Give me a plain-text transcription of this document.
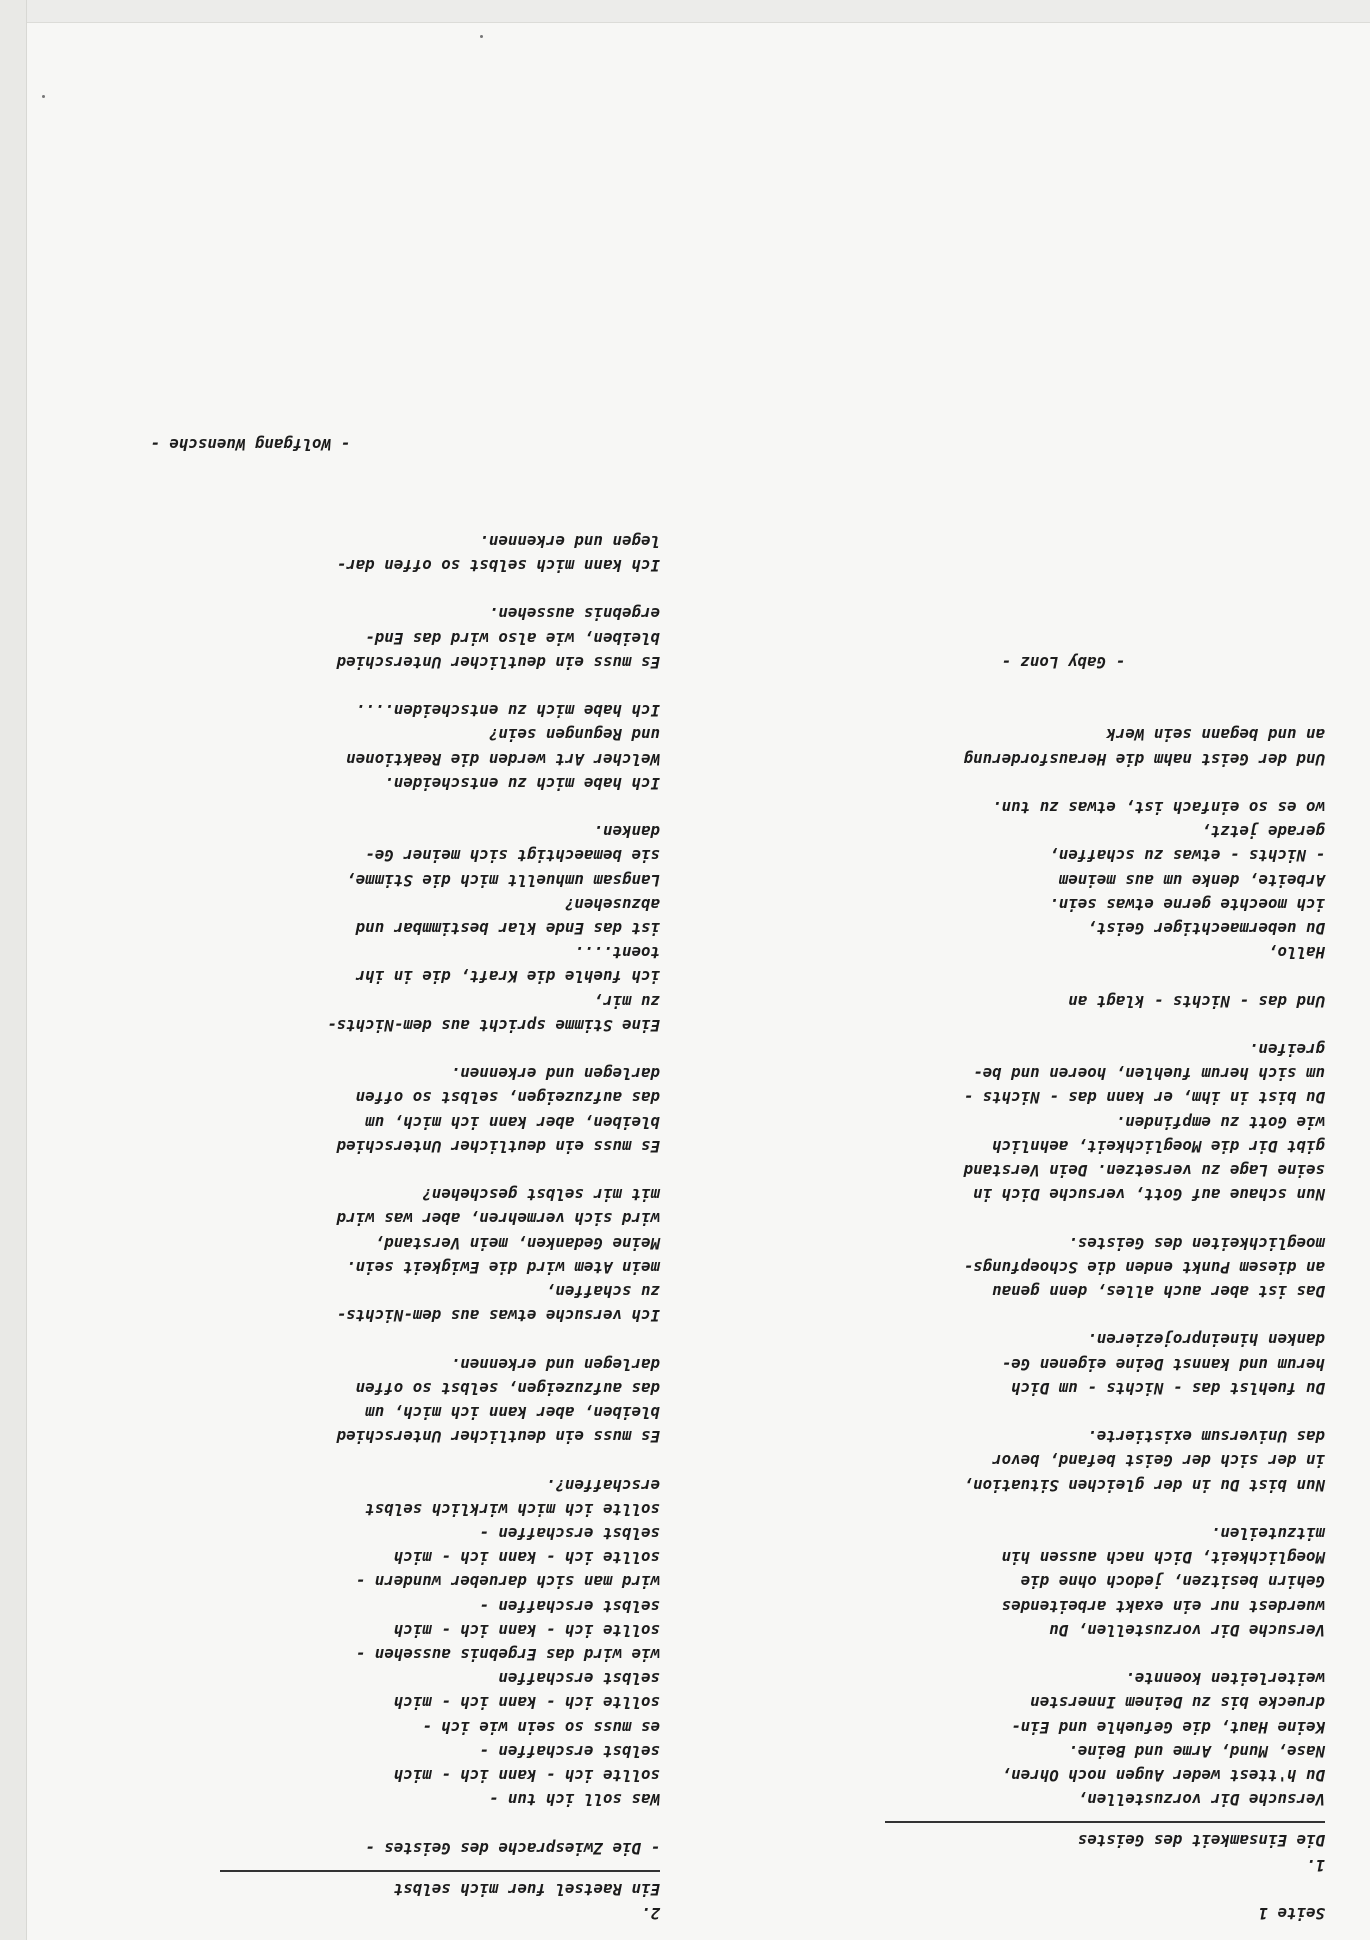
2.
Ein Raetsel fuer mich selbst
- Die Zwiesprache des Geistes -
Was soll ich tun -
sollte ich - kann ich - mich
selbst erschaffen -
es muss so sein wie ich -
sollte ich - kann ich - mich
selbst erschaffen
wie wird das Ergebnis aussehen -
sollte ich - kann ich - mich
selbst erschaffen -
wird man sich darueber wundern -
sollte ich - kann ich - mich
selbst erschaffen -
sollte ich mich wirklich selbst
erschaffen?.
Es muss ein deutlicher Unterschied
bleiben, aber kann ich mich, um
das aufzuzeigen, selbst so offen
darlegen und erkennen.
Ich versuche etwas aus dem-Nichts-
zu schaffen,
mein Atem wird die Ewigkeit sein.
Meine Gedanken, mein Verstand,
wird sich vermehren, aber was wird
mit mir selbst geschehen?
Es muss ein deutlicher Unterschied
bleiben, aber kann ich mich, um
das aufzuzeigen, selbst so offen
darlegen und erkennen.
Eine Stimme spricht aus dem-Nichts-
zu mir,
ich fuehle die Kraft, die in ihr
toent....
ist das Ende klar bestimmbar und
abzusehen?
Langsam umhuellt mich die Stimme,
sie bemaechtigt sich meiner Ge-
danken.
Ich habe mich zu entscheiden.
Welcher Art werden die Reaktionen
und Regungen sein?
Ich habe mich zu entscheiden....
Es muss ein deutlicher Unterschied
bleiben, wie also wird das End-
ergebnis aussehen.
Ich kann mich selbst so offen dar-
legen und erkennen.
- Wolfgang Wuensche -
Seite 1
1.
Die Einsamkeit des Geistes
Versuche Dir vorzustellen,
Du h'ttest weder Augen noch Ohren,
Nase, Mund, Arme und Beine.
Keine Haut, die Gefuehle und Ein-
druecke bis zu Deinem Innersten
weiterleiten koennte.
Versuche Dir vorzustellen, Du
wuerdest nur ein exakt arbeitendes
Gehirn besitzen, jedoch ohne die
Moeglichkeit, Dich nach aussen hin
mitzuteilen.
Nun bist Du in der gleichen Situation,
in der sich der Geist befand, bevor
das Universum existierte.
Du fuehlst das - Nichts - um Dich
herum und kannst Deine eigenen Ge-
danken hineinprojezieren.
Das ist aber auch alles, denn genau
an diesem Punkt enden die Schoepfungs-
moeglichkeiten des Geistes.
Nun schaue auf Gott, versuche Dich in
seine Lage zu versetzen. Dein Verstand
gibt Dir die Moeglichkeit, aehnlich
wie Gott zu empfinden.
Du bist in ihm, er kann das - Nichts -
um sich herum fuehlen, hoeren und be-
greifen.
Und das - Nichts - klagt an
Hallo,
Du uebermaechtiger Geist,
ich moechte gerne etwas sein.
Arbeite, denke um aus meinem
- Nichts - etwas zu schaffen,
gerade jetzt,
wo es so einfach ist, etwas zu tun.
Und der Geist nahm die Herausforderung
an und begann sein Werk
- Gaby Lonz -
